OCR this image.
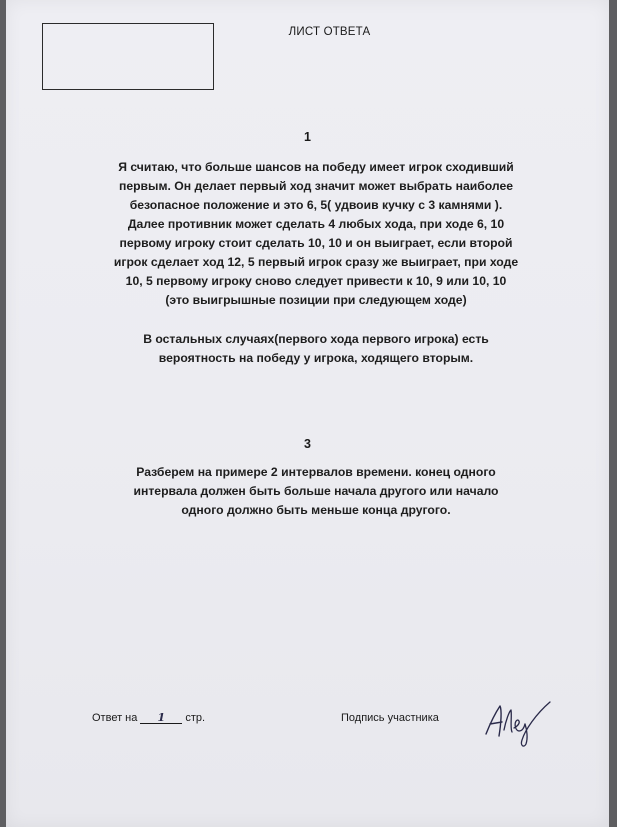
ЛИСТ ОТВЕТА
1

Я считаю, что больше шансов на победу имеет игрок сходивший
первым. Он делает первый ход значит может выбрать наиболее
безопасное положение и это 6, 5( удвоив кучку с 3 камнями ).
Далее противник может сделать 4 любых хода, при ходе 6, 10
первому игроку стоит сделать 10, 10 и он выиграет, если второй
игрок сделает ход 12, 5 первый игрок сразу же выиграет, при ходе
10, 5 первому игроку сново следует привести к 10, 9 или 10, 10
(это выигрышные позиции при следующем ходе)

В остальных случаях(первого хода первого игрока) есть
вероятность на победу у игрока, ходящего вторым.

3

Разберем на примере 2 интервалов времени. конец одного
интервала должен быть больше начала другого или начало
одного должно быть меньше конца другого.

Ответ на 1 стр.	Подпись участника
